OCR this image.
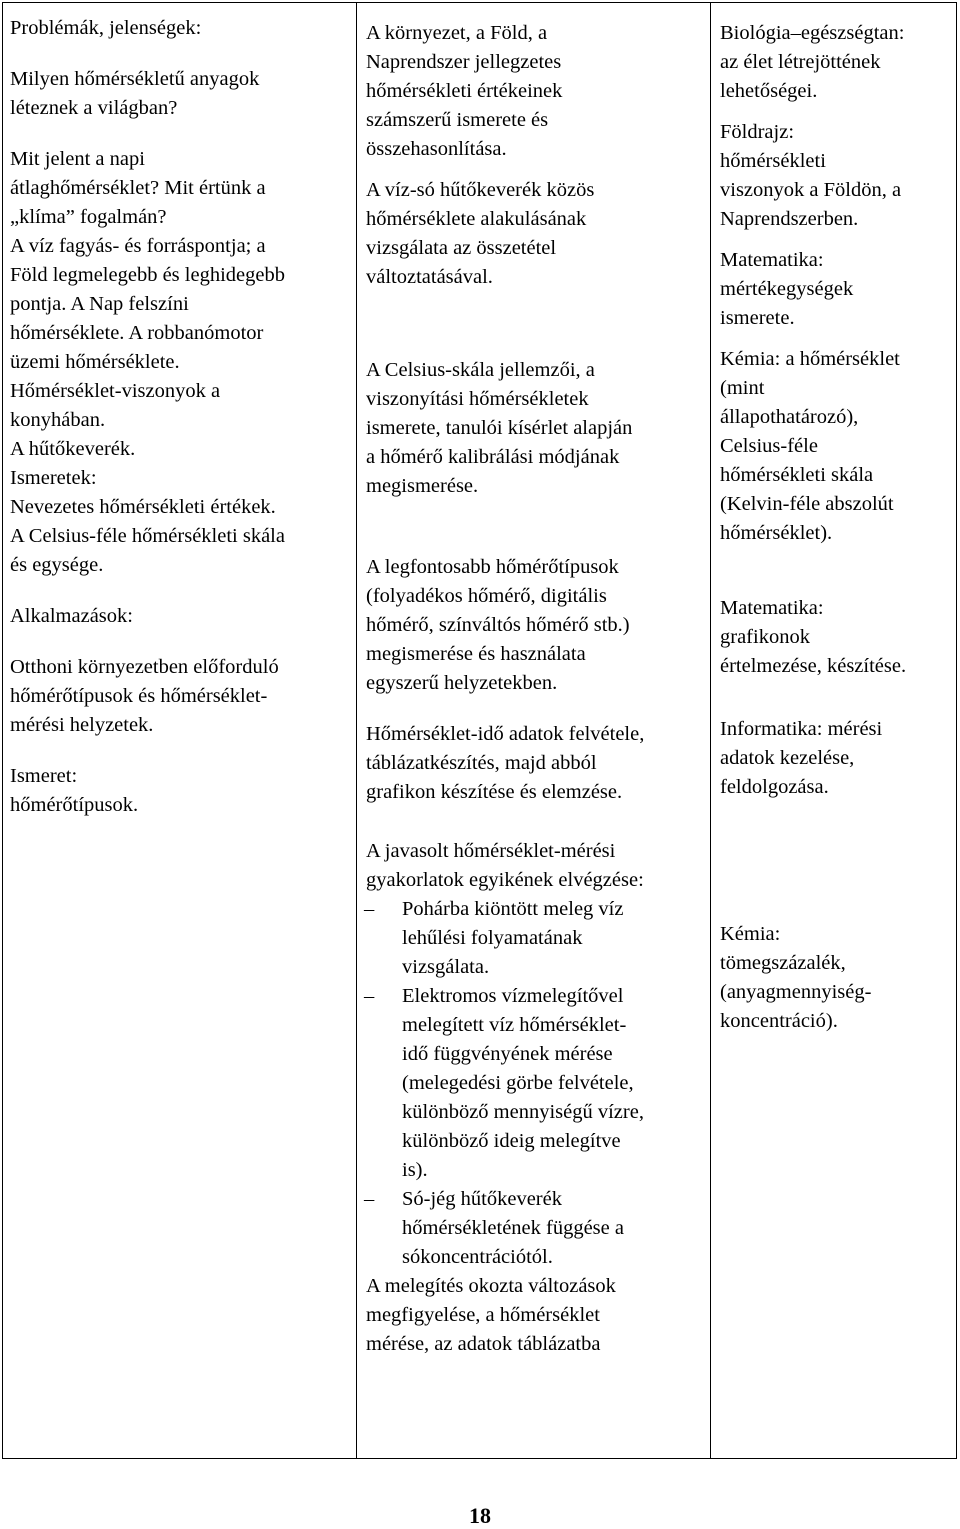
Problémák, jelenségek:

Milyen hőmérsékletű anyagok

léteznek a világban?

Mit jelent a napi

átlaghőmérséklet? Mit értünk a

„klíma” fogalmán?

A víz fagyás- és forráspontja; a

Föld legmelegebb és leghidegebb

pontja. A Nap felszíni

hőmérséklete. A robbanómotor

üzemi hőmérséklete.

Hőmérséklet-viszonyok a

konyhában.

A hűtőkeverék.

Ismeretek:

Nevezetes hőmérsékleti értékek.

A Celsius-féle hőmérsékleti skála

és egysége.

Alkalmazások:

Otthoni környezetben előforduló

hőmérőtípusok és hőmérséklet-

mérési helyzetek.

Ismeret:

hőmérőtípusok.

A környezet, a Föld, a

Naprendszer jellegzetes

hőmérsékleti értékeinek

számszerű ismerete és

összehasonlítása.

A víz-só hűtőkeverék közös

hőmérséklete alakulásának

vizsgálata az összetétel

változtatásával.

A Celsius-skála jellemzői, a

viszonyítási hőmérsékletek

ismerete, tanulói kísérlet alapján

a hőmérő kalibrálási módjának

megismerése.

A legfontosabb hőmérőtípusok

(folyadékos hőmérő, digitális

hőmérő, színváltós hőmérő stb.)

megismerése és használata

egyszerű helyzetekben.

Hőmérséklet-idő adatok felvétele,

táblázatkészítés, majd abból

grafikon készítése és elemzése.

A javasolt hőmérséklet-mérési

gyakorlatok egyikének elvégzése:

– Pohárba kiöntött meleg víz

lehűlési folyamatának

vizsgálata.

– Elektromos vízmelegítővel

melegített víz hőmérséklet-

idő függvényének mérése

(melegedési görbe felvétele,

különböző mennyiségű vízre,

különböző ideig melegítve

is).

– Só-jég hűtőkeverék

hőmérsékletének függése a

sókoncentrációtól.

A melegítés okozta változások

megfigyelése, a hőmérséklet

mérése, az adatok táblázatba

Biológia–egészségtan:

az élet létrejöttének

lehetőségei.

Földrajz:

hőmérsékleti

viszonyok a Földön, a

Naprendszerben.

Matematika:

mértékegységek

ismerete.

Kémia: a hőmérséklet

(mint

állapothatározó),

Celsius-féle

hőmérsékleti skála

(Kelvin-féle abszolút

hőmérséklet).

Matematika:

grafikonok

értelmezése, készítése.

Informatika: mérési

adatok kezelése,

feldolgozása.

Kémia:

tömegszázalék,

(anyagmennyiség-

koncentráció).

18
